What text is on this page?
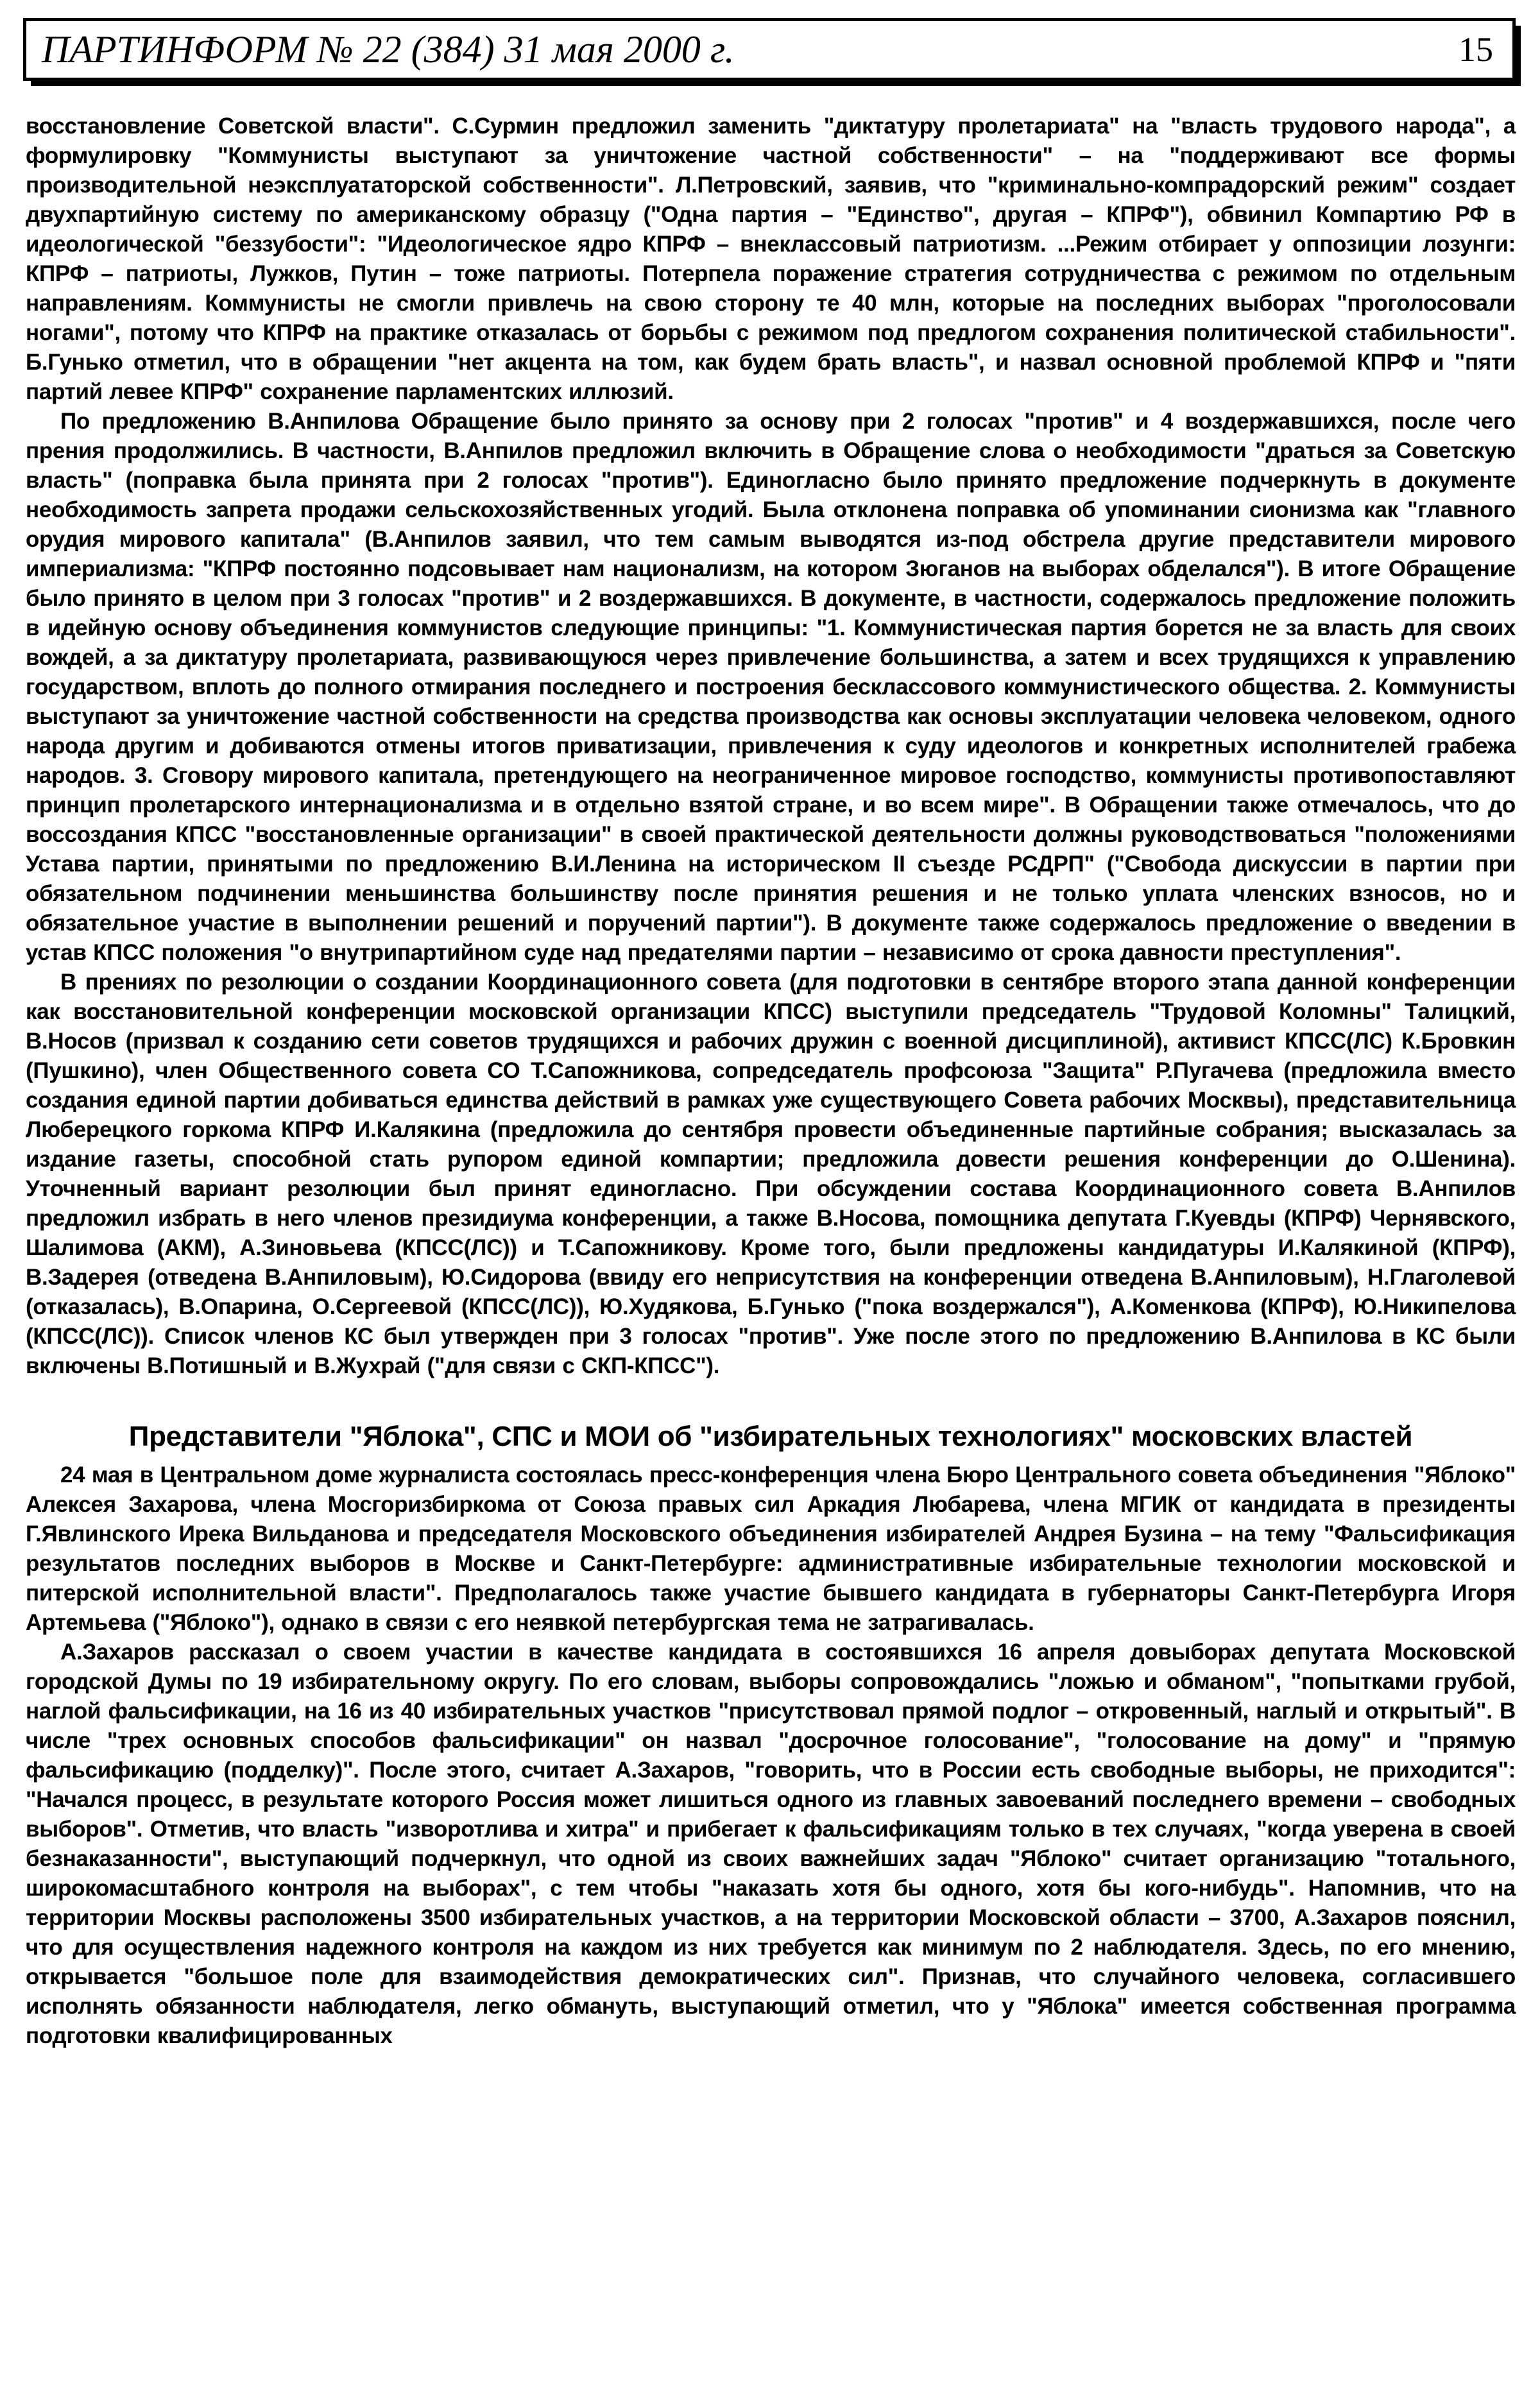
ПАРТИНФОРМ № 22 (384) 31 мая 2000 г.	15

восстановление Советской власти". С.Сурмин предложил заменить "диктатуру пролетариата" на "власть трудового народа", а формулировку "Коммунисты выступают за уничтожение частной собственности" – на "поддерживают все формы производительной неэксплуататорской собственности". Л.Петровский, заявив, что "криминально-компрадорский режим" создает двухпартийную систему по американскому образцу ("Одна партия – "Единство", другая – КПРФ"), обвинил Компартию РФ в идеологической "беззубости": "Идеологическое ядро КПРФ – внеклассовый патриотизм. ...Режим отбирает у оппозиции лозунги: КПРФ – патриоты, Лужков, Путин – тоже патриоты. Потерпела поражение стратегия сотрудничества с режимом по отдельным направлениям. Коммунисты не смогли привлечь на свою сторону те 40 млн, которые на последних выборах "проголосовали ногами", потому что КПРФ на практике отказалась от борьбы с режимом под предлогом сохранения политической стабильности". Б.Гунько отметил, что в обращении "нет акцента на том, как будем брать власть", и назвал основной проблемой КПРФ и "пяти партий левее КПРФ" сохранение парламентских иллюзий.

По предложению В.Анпилова Обращение было принято за основу при 2 голосах "против" и 4 воздержавшихся, после чего прения продолжились. В частности, В.Анпилов предложил включить в Обращение слова о необходимости "драться за Советскую власть" (поправка была принята при 2 голосах "против"). Единогласно было принято предложение подчеркнуть в документе необходимость запрета продажи сельскохозяйственных угодий. Была отклонена поправка об упоминании сионизма как "главного орудия мирового капитала" (В.Анпилов заявил, что тем самым выводятся из-под обстрела другие представители мирового империализма: "КПРФ постоянно подсовывает нам национализм, на котором Зюганов на выборах обделался"). В итоге Обращение было принято в целом при 3 голосах "против" и 2 воздержавшихся. В документе, в частности, содержалось предложение положить в идейную основу объединения коммунистов следующие принципы: "1. Коммунистическая партия борется не за власть для своих вождей, а за диктатуру пролетариата, развивающуюся через привлечение большинства, а затем и всех трудящихся к управлению государством, вплоть до полного отмирания последнего и построения бесклассового коммунистического общества. 2. Коммунисты выступают за уничтожение частной собственности на средства производства как основы эксплуатации человека человеком, одного народа другим и добиваются отмены итогов приватизации, привлечения к суду идеологов и конкретных исполнителей грабежа народов. 3. Сговору мирового капитала, претендующего на неограниченное мировое господство, коммунисты противопоставляют принцип пролетарского интернационализма и в отдельно взятой стране, и во всем мире". В Обращении также отмечалось, что до воссоздания КПСС "восстановленные организации" в своей практической деятельности должны руководствоваться "положениями Устава партии, принятыми по предложению В.И.Ленина на историческом II съезде РСДРП" ("Свобода дискуссии в партии при обязательном подчинении меньшинства большинству после принятия решения и не только уплата членских взносов, но и обязательное участие в выполнении решений и поручений партии"). В документе также содержалось предложение о введении в устав КПСС положения "о внутрипартийном суде над предателями партии – независимо от срока давности преступления".

В прениях по резолюции о создании Координационного совета (для подготовки в сентябре второго этапа данной конференции как восстановительной конференции московской организации КПСС) выступили председатель "Трудовой Коломны" Талицкий, В.Носов (призвал к созданию сети советов трудящихся и рабочих дружин с военной дисциплиной), активист КПСС(ЛС) К.Бровкин (Пушкино), член Общественного совета СО Т.Сапожникова, сопредседатель профсоюза "Защита" Р.Пугачева (предложила вместо создания единой партии добиваться единства действий в рамках уже существующего Совета рабочих Москвы), представительница Люберецкого горкома КПРФ И.Калякина (предложила до сентября провести объединенные партийные собрания; высказалась за издание газеты, способной стать рупором единой компартии; предложила довести решения конференции до О.Шенина). Уточненный вариант резолюции был принят единогласно. При обсуждении состава Координационного совета В.Анпилов предложил избрать в него членов президиума конференции, а также В.Носова, помощника депутата Г.Куевды (КПРФ) Чернявского, Шалимова (АКМ), А.Зиновьева (КПСС(ЛС)) и Т.Сапожникову. Кроме того, были предложены кандидатуры И.Калякиной (КПРФ), В.Задерея (отведена В.Анпиловым), Ю.Сидорова (ввиду его неприсутствия на конференции отведена В.Анпиловым), Н.Глаголевой (отказалась), В.Опарина, О.Сергеевой (КПСС(ЛС)), Ю.Худякова, Б.Гунько ("пока воздержался"), А.Коменкова (КПРФ), Ю.Никипелова (КПСС(ЛС)). Список членов КС был утвержден при 3 голосах "против". Уже после этого по предложению В.Анпилова в КС были включены В.Потишный и В.Жухрай ("для связи с СКП-КПСС").

Представители "Яблока", СПС и МОИ об "избирательных технологиях" московских властей

24 мая в Центральном доме журналиста состоялась пресс-конференция члена Бюро Центрального совета объединения "Яблоко" Алексея Захарова, члена Мосгоризбиркома от Союза правых сил Аркадия Любарева, члена МГИК от кандидата в президенты Г.Явлинского Ирека Вильданова и председателя Московского объединения избирателей Андрея Бузина – на тему "Фальсификация результатов последних выборов в Москве и Санкт-Петербурге: административные избирательные технологии московской и питерской исполнительной власти". Предполагалось также участие бывшего кандидата в губернаторы Санкт-Петербурга Игоря Артемьева ("Яблоко"), однако в связи с его неявкой петербургская тема не затрагивалась.

А.Захаров рассказал о своем участии в качестве кандидата в состоявшихся 16 апреля довыборах депутата Московской городской Думы по 19 избирательному округу. По его словам, выборы сопровождались "ложью и обманом", "попытками грубой, наглой фальсификации, на 16 из 40 избирательных участков "присутствовал прямой подлог – откровенный, наглый и открытый". В числе "трех основных способов фальсификации" он назвал "досрочное голосование", "голосование на дому" и "прямую фальсификацию (подделку)". После этого, считает А.Захаров, "говорить, что в России есть свободные выборы, не приходится": "Начался процесс, в результате которого Россия может лишиться одного из главных завоеваний последнего времени – свободных выборов". Отметив, что власть "изворотлива и хитра" и прибегает к фальсификациям только в тех случаях, "когда уверена в своей безнаказанности", выступающий подчеркнул, что одной из своих важнейших задач "Яблоко" считает организацию "тотального, широкомасштабного контроля на выборах", с тем чтобы "наказать хотя бы одного, хотя бы кого-нибудь". Напомнив, что на территории Москвы расположены 3500 избирательных участков, а на территории Московской области – 3700, А.Захаров пояснил, что для осуществления надежного контроля на каждом из них требуется как минимум по 2 наблюдателя. Здесь, по его мнению, открывается "большое поле для взаимодействия демократических сил". Признав, что случайного человека, согласившего исполнять обязанности наблюдателя, легко обмануть, выступающий отметил, что у "Яблока" имеется собственная программа подготовки квалифицированных
